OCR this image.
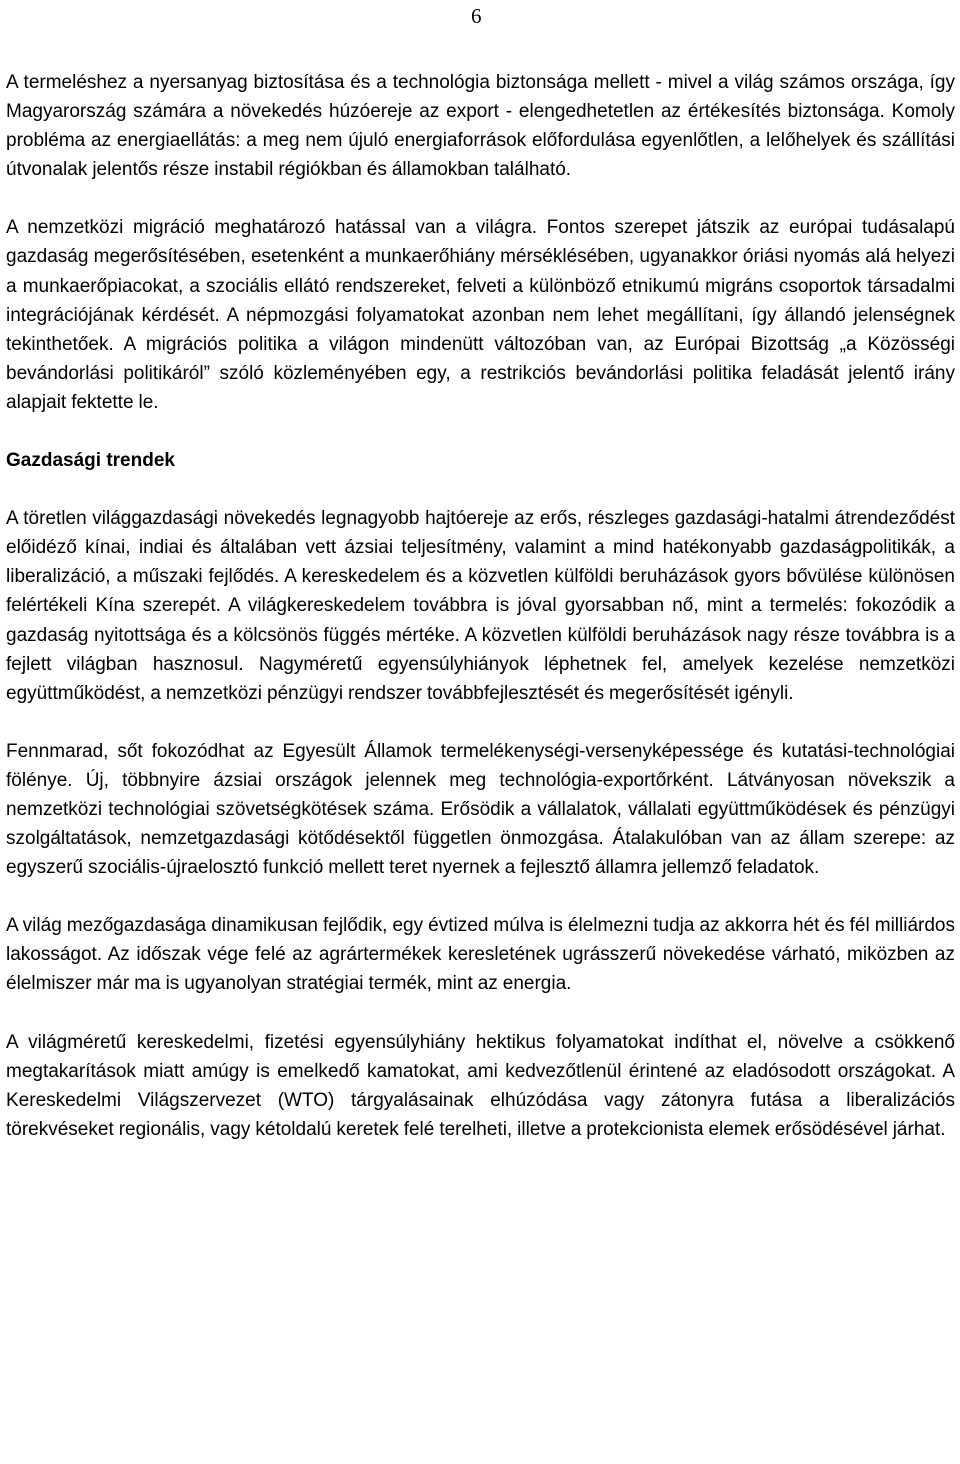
6

A termeléshez a nyersanyag biztosítása és a technológia biztonsága mellett - mivel a világ számos országa, így Magyarország számára a növekedés húzóereje az export - elengedhetetlen az értékesítés biztonsága. Komoly probléma az energiaellátás: a meg nem újuló energiaforrások előfordulása egyenlőtlen, a lelőhelyek és szállítási útvonalak jelentős része instabil régiókban és államokban található.

A nemzetközi migráció meghatározó hatással van a világra. Fontos szerepet játszik az európai tudásalapú gazdaság megerősítésében, esetenként a munkaerőhiány mérséklésében, ugyanakkor óriási nyomás alá helyezi a munkaerőpiacokat, a szociális ellátó rendszereket, felveti a különböző etnikumú migráns csoportok társadalmi integrációjának kérdését. A népmozgási folyamatokat azonban nem lehet megállítani, így állandó jelenségnek tekinthetőek. A migrációs politika a világon mindenütt változóban van, az Európai Bizottság „a Közösségi bevándorlási politikáról” szóló közleményében egy, a restrikciós bevándorlási politika feladását jelentő irány alapjait fektette le.

Gazdasági trendek

A töretlen világgazdasági növekedés legnagyobb hajtóereje az erős, részleges gazdasági-hatalmi átrendeződést előidéző kínai, indiai és általában vett ázsiai teljesítmény, valamint a mind hatékonyabb gazdaságpolitikák, a liberalizáció, a műszaki fejlődés. A kereskedelem és a közvetlen külföldi beruházások gyors bővülése különösen felértékeli Kína szerepét. A világkereskedelem továbbra is jóval gyorsabban nő, mint a termelés: fokozódik a gazdaság nyitottsága és a kölcsönös függés mértéke. A közvetlen külföldi beruházások nagy része továbbra is a fejlett világban hasznosul. Nagyméretű egyensúlyhiányok léphetnek fel, amelyek kezelése nemzetközi együttműködést, a nemzetközi pénzügyi rendszer továbbfejlesztését és megerősítését igényli.

Fennmarad, sőt fokozódhat az Egyesült Államok termelékenységi-versenyképessége és kutatási-technológiai fölénye. Új, többnyire ázsiai országok jelennek meg technológia-exportőrként. Látványosan növekszik a nemzetközi technológiai szövetségkötések száma. Erősödik a vállalatok, vállalati együttműködések és pénzügyi szolgáltatások, nemzetgazdasági kötődésektől független önmozgása. Átalakulóban van az állam szerepe: az egyszerű szociális-újraelosztó funkció mellett teret nyernek a fejlesztő államra jellemző feladatok.

A világ mezőgazdasága dinamikusan fejlődik, egy évtized múlva is élelmezni tudja az akkorra hét és fél milliárdos lakosságot. Az időszak vége felé az agrártermékek keresletének ugrásszerű növekedése várható, miközben az élelmiszer már ma is ugyanolyan stratégiai termék, mint az energia.

A világméretű kereskedelmi, fizetési egyensúlyhiány hektikus folyamatokat indíthat el, növelve a csökkenő megtakarítások miatt amúgy is emelkedő kamatokat, ami kedvezőtlenül érintené az eladósodott országokat. A Kereskedelmi Világszervezet (WTO) tárgyalásainak elhúzódása vagy zátonyra futása a liberalizációs törekvéseket regionális, vagy kétoldalú keretek felé terelheti, illetve a protekcionista elemek erősödésével járhat.
